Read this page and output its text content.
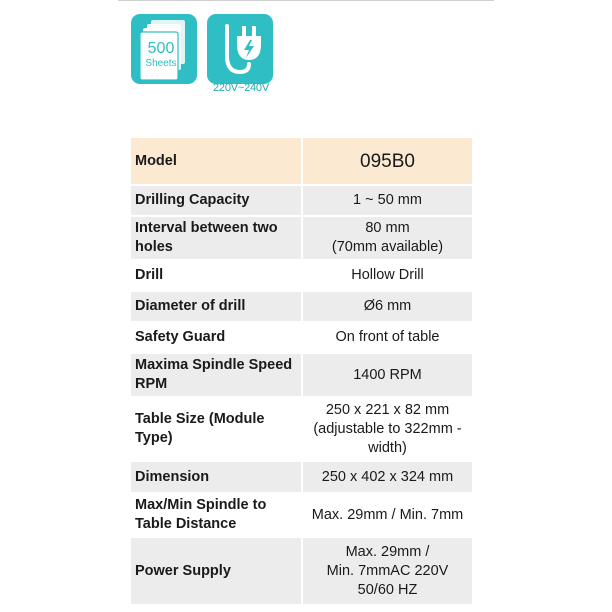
500
Sheets
220V~240V
Model	095B0
Drilling Capacity	1 ~ 50 mm
Interval between two holes	80 mm
(70mm available)
Drill	Hollow Drill
Diameter of drill	Ø6 mm
Safety Guard	On front of table
Maxima Spindle Speed RPM	1400 RPM
Table Size (Module Type)	250 x 221 x 82 mm
(adjustable to 322mm - width)
Dimension	250 x 402 x 324 mm
Max/Min Spindle to Table Distance	Max. 29mm / Min. 7mm
Power Supply	Max. 29mm /
Min. 7mmAC 220V
50/60 HZ
